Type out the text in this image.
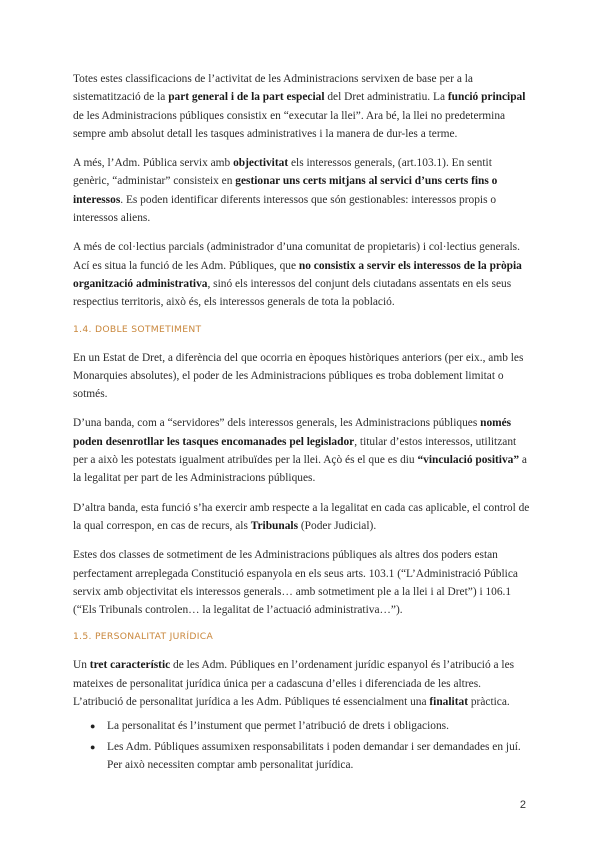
Totes estes classificacions de l’activitat de les Administracions servixen de base per a la sistematització de la part general i de la part especial del Dret administratiu. La funció principal de les Administracions públiques consistix en “executar la llei”. Ara bé, la llei no predetermina sempre amb absolut detall les tasques administratives i la manera de dur-les a terme.

A més, l’Adm. Pública servix amb objectivitat els interessos generals, (art.103.1). En sentit genèric, “administar” consisteix en gestionar uns certs mitjans al servici d’uns certs fins o interessos. Es poden identificar diferents interessos que són gestionables: interessos propis o interessos aliens.

A més de col·lectius parcials (administrador d’una comunitat de propietaris) i col·lectius generals. Ací es situa la funció de les Adm. Públiques, que no consistix a servir els interessos de la pròpia organització administrativa, sinó els interessos del conjunt dels ciutadans assentats en els seus respectius territoris, això és, els interessos generals de tota la població.

1.4. DOBLE SOTMETIMENT

En un Estat de Dret, a diferència del que ocorria en èpoques històriques anteriors (per eix., amb les Monarquies absolutes), el poder de les Administracions públiques es troba doblement limitat o sotmés.

D’una banda, com a “servidores” dels interessos generals, les Administracions públiques només poden desenrotllar les tasques encomanades pel legislador, titular d’estos interessos, utilitzant per a això les potestats igualment atribuïdes per la llei. Açò és el que es diu “vinculació positiva” a la legalitat per part de les Administracions públiques.

D’altra banda, esta funció s’ha exercir amb respecte a la legalitat en cada cas aplicable, el control de la qual correspon, en cas de recurs, als Tribunals (Poder Judicial).

Estes dos classes de sotmetiment de les Administracions públiques als altres dos poders estan perfectament arreplegada Constitució espanyola en els seus arts. 103.1 (“L’Administració Pública servix amb objectivitat els interessos generals… amb sotmetiment ple a la llei i al Dret”) i 106.1 (“Els Tribunals controlen… la legalitat de l’actuació administrativa…”).

1.5. PERSONALITAT JURÍDICA

Un tret característic de les Adm. Públiques en l’ordenament jurídic espanyol és l’atribució a les mateixes de personalitat jurídica única per a cadascuna d’elles i diferenciada de les altres. L’atribució de personalitat jurídica a les Adm. Públiques té essencialment una finalitat pràctica.

● La personalitat és l’instument que permet l’atribució de drets i obligacions.
● Les Adm. Públiques assumixen responsabilitats i poden demandar i ser demandades en juí. Per això necessiten comptar amb personalitat jurídica.
2
